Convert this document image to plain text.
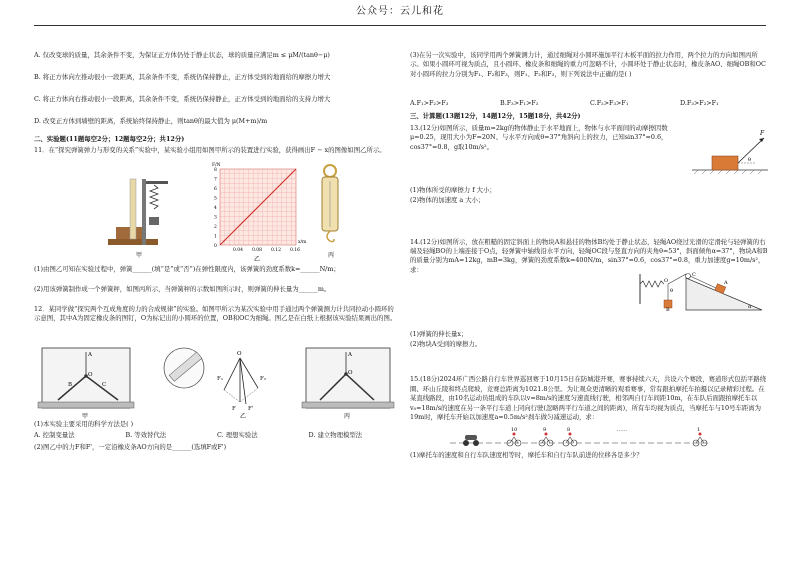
公众号：云儿和花
A. 仅改变球的质量，其余条件不变，为保证正方体仍处于静止状态，球的质量应满足m ≤ μM/(tanθ−μ)
B. 将正方体向左推动很小一段距离，其余条件不变，系统仍保持静止，正方体受到的地面给的摩擦力增大
C. 将正方体向右推动很小一段距离，其余条件不变，系统仍保持静止，正方体受到的地面给的支持力增大
D. 改变正方体到墙壁的距离，系统始终保持静止，则tanθ的最大值为 μ(M+m)/m
二、实验题(11题每空2分；12题每空2分；共12分)
11．在“探究弹簧弹力与形变的关系”实验中，某实验小组用如图甲所示的装置进行实验，获得画出F − x的图像如图乙所示。
甲
8
7
6
5
4
3
2
1
0
0.04 0.08 0.12 0.16
x/m
F/N
乙
丙
(1)由图乙可知在实验过程中，弹簧______(填“是”或“否”)在弹性限度内，该弹簧的劲度系数k=______N/m；
(2)用该弹簧制作成一个弹簧秤，如图丙所示，当弹簧秤的示数如图所示时，则弹簧的伸长量为______m。
12．某同学做“探究两个互成角度的力的合成规律”的实验。如图甲所示为某次实验中用手通过两个弹簧测力计共同拉动小圆环的示意图，其中A为固定橡皮条的图钉，O为标记出的小圆环的位置，OB和OC为细绳。图乙是在白纸上根据该实验结果画出的图。
O
A
B	C
甲
O
F₁	F₂
F F'
乙
O
A
丙
(1)本实验主要采用的科学方法是( )
A. 控制变量法	B. 等效替代法	C. 理想实验法	D. 建立物理模型法
(2)图乙中的力F和F'，一定沿橡皮条AO方向的是______(选填F或F')
(3)在另一次实验中，该同学用两个弹簧测力计，通过细绳对小圆环施加平行木板平面的拉力作用，两个拉力的方向如图丙所示。如果小圆环可视为质点，且小圆环、橡皮条和细绳的重力可忽略不计，小圆环处于静止状态时，橡皮条AO、细绳OB和OC对小圆环的拉力分别为F₁、F₂和F₃，则F₁、F₂和F₃，则下列说法中正确的是( )
A.F₁>F₂>F₃	B.F₃>F₁>F₂	C.F₂>F₃>F₁	D.F₃>F₂>F₁
三、计算题(13题12分，14题12分，15题18分，共42分)
13.(12分)如图所示，质量m=2kg的物体静止于水平地面上，物体与水平面间的动摩擦因数μ=0.25，现用大小为F=20N、与水平方向成θ=37°角斜向上的拉力，已知sin37°=0.6，cos37°=0.8，g取10m/s²。
F
θ
(1)物体所受的摩擦力 f 大小；
(2)物体的加速度 a 大小；
14.(12分)如图所示，放在粗糙的固定斜面上的物块A和悬挂的物体B均处于静止状态，轻绳AO绕过光滑的定滑轮与轻弹簧的右端及轻绳BO的上端连接于O点，轻弹簧中轴线沿水平方向，轻绳OC段与竖直方向的夹角θ=53°，斜面倾角α=37°，物块A和B的质量分别为mA=12kg，mB=3kg，弹簧的劲度系数k=400N/m，sin37°=0.6，cos37°=0.8，重力加速度g=10m/s²，求：
O
B
A
C
θ
α
(1)弹簧的伸长量x；
(2)物块A受到的摩擦力。
15.(18分)2024环广西公路自行车世界巡回赛于10月15日在防城港开赛，赛事持续六天，共设六个赛段，赛道形式包括平路绕圈、环山丘陵和终点爬坡，竞赛总距离为1021.8公里。为让观众更清晰的观看赛事，常有跟拍摩托车拍摄以记录精彩过程。在某直线路段，由10名运动员组成的车队以v=8m/s的速度匀速直线行驶，相邻两自行车间距10m，在车队后面跟拍摩托车以v₀=18m/s的速度在另一条平行车道上同向行驶(忽略两平行车道之间的距离)，所有车均视为质点，当摩托车与10号车距离为19m时，摩托车开始以加速度a=0.5m/s²刹车做匀减速运动，求：
10	9	8	……	1
(1)摩托车的速度和自行车队速度相等时，摩托车和自行车队前进的位移各是多少？
